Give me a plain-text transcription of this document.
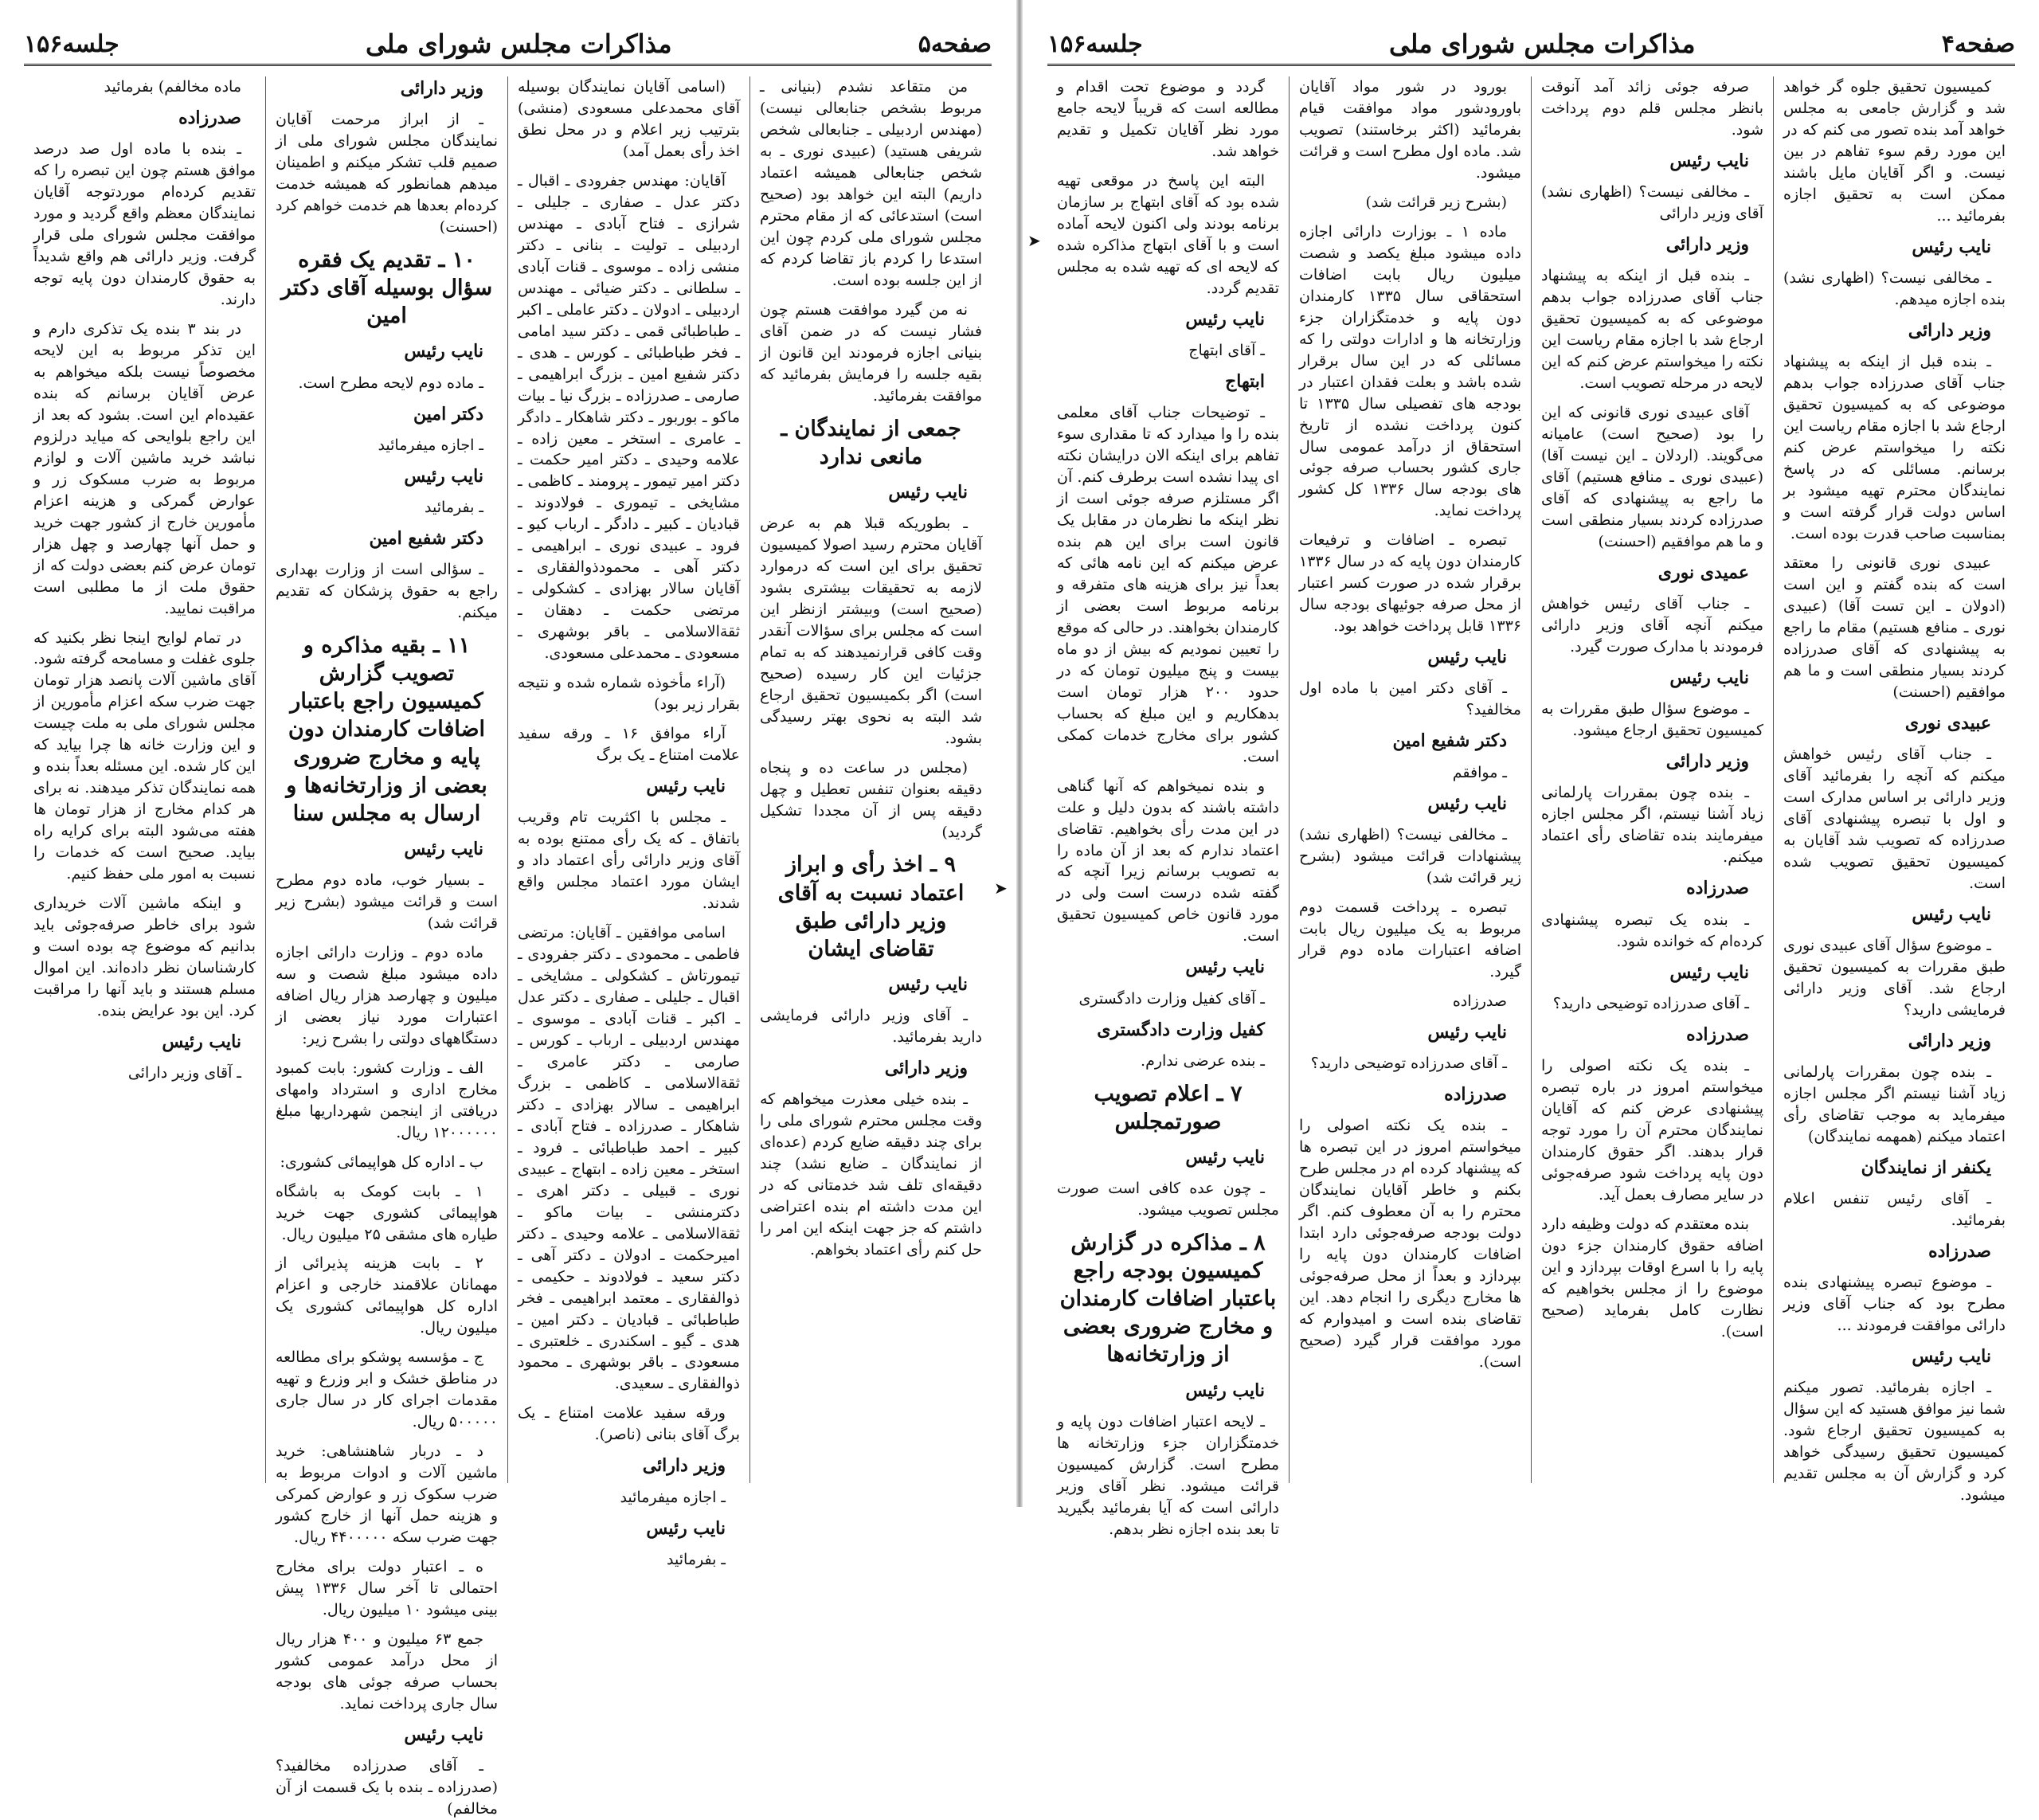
صفحه۵
مذاکرات مجلس شورای ملی
جلسه۱۵۶

من متقاعد نشدم (بنیانی ـ مربوط بشخص جنابعالی نیست) (مهندس اردبیلی ـ جنابعالی شخص شریفی هستید) (عبیدی نوری ـ به شخص جنابعالی همیشه اعتماد داریم) البته این خواهد بود (صحیح است) استدعائی که از مقام محترم مجلس شورای ملی کردم چون این استدعا را کردم باز تقاضا کردم که از این جلسه بوده است.

نه من گیرد موافقت هستم چون فشار نیست که در ضمن آقای بنیانی اجازه فرمودند این قانون از بقیه جلسه را فرمایش بفرمائید که موافقت بفرمائید.

جمعی از نمایندگان ـ مانعی ندارد
نایب رئیس

ـ بطوریکه قبلا هم به عرض آقایان محترم رسید اصولا کمیسیون تحقیق برای این است که درموارد لازمه به تحقیقات بیشتری بشود (صحیح است) وبیشتر ازنظر این است که مجلس برای سؤالات آنقدر وقت کافی قرارنمیدهند که به تمام جزئیات این کار رسیده (صحیح است) اگر بکمیسیون تحقیق ارجاع شد البته به نحوی بهتر رسیدگی بشود.

(مجلس در ساعت ده و پنجاه دقیقه بعنوان تنفس تعطیل و چهل دقیقه پس از آن مجددا تشکیل گردید)

۹ ـ اخذ رأی و ابراز اعتماد نسبت به آقای وزیر دارائی طبق تقاضای ایشان
نایب رئیس

ـ آقای وزیر دارائی فرمایشی دارید بفرمائید.

وزیر دارائی

ـ بنده خیلی معذرت میخواهم که وقت مجلس محترم شورای ملی را برای چند دقیقه ضایع کردم (عده‌ای از نمایندگان ـ ضایع نشد) چند دقیقه‌ای تلف شد خدمتانی که در این مدت داشته ام بنده اعتراضی داشتم که جز جهت اینکه این امر را حل کنم رأی اعتماد بخواهم.

(اسامی آقایان نمایندگان بوسیله آقای محمدعلی مسعودی (منشی) بترتیب زیر اعلام و در محل نطق اخذ رأی بعمل آمد)

آقایان: مهندس جفرودی ـ اقبال ـ دکتر عدل ـ صفاری ـ جلیلی ـ شرازی ـ فتاح آبادی ـ مهندس اردبیلی ـ تولیت ـ بنانی ـ دکتر منشی زاده ـ موسوی ـ قنات آبادی ـ سلطانی ـ دکتر ضیائی ـ مهندس اردبیلی ـ ادولان ـ دکتر عاملی ـ اکبر ـ طباطبائی قمی ـ دکتر سید امامی ـ فخر طباطبائی ـ کورس ـ هدی ـ دکتر شفیع امین ـ بزرگ ابراهیمی ـ صارمی ـ صدرزاده ـ بزرگ نیا ـ بیات ماکو ـ بوربور ـ دکتر شاهکار ـ دادگر ـ عامری ـ استخر ـ معین زاده ـ علامه وحیدی ـ دکتر امیر حکمت ـ دکتر امیر تیمور ـ پرومند ـ کاظمی ـ مشایخی ـ تیموری ـ فولادوند ـ قبادیان ـ کبیر ـ دادگر ـ ارباب کیو ـ فرود ـ عبیدی نوری ـ ابراهیمی ـ دکتر آهی ـ محمودذوالفقاری ـ آقایان سالار بهزادی ـ کشکولی ـ مرتضی حکمت ـ دهقان ـ ثقةالاسلامی ـ باقر بوشهری ـ مسعودی ـ محمدعلی مسعودی.

(آراء مأخوذه شماره شده و نتیجه بقرار زیر بود)

آراء موافق ۱۶ ـ ورقه سفید علامت امتناع ـ یک برگ

نایب رئیس

ـ مجلس با اکثریت تام وقریب باتفاق ـ که یک رأی ممتنع بوده به آقای وزیر دارائی رأی اعتماد داد و ایشان مورد اعتماد مجلس واقع شدند.

اسامی موافقین ـ آقایان: مرتضی فاطمی ـ محمودی ـ دکتر جفرودی ـ تیمورتاش ـ کشکولی ـ مشایخی ـ اقبال ـ جلیلی ـ صفاری ـ دکتر عدل ـ اکبر ـ قنات آبادی ـ موسوی ـ مهندس اردبیلی ـ ارباب ـ کورس ـ صارمی ـ دکتر عامری ـ ثقةالاسلامی ـ کاظمی ـ بزرگ ابراهیمی ـ سالار بهزادی ـ دکتر شاهکار ـ صدرزاده ـ فتاح آبادی ـ کبیر ـ احمد طباطبائی ـ فرود ـ استخر ـ معین زاده ـ ابتهاج ـ عبیدی نوری ـ قبیلی ـ دکتر اهری ـ دکترمنشی ـ بیات ماکو ـ ثقةالاسلامی ـ علامه وحیدی ـ دکتر امیرحکمت ـ ادولان ـ دکتر آهی ـ دکتر سعید ـ فولادوند ـ حکیمی ـ ذوالفقاری ـ معتمد ابراهیمی ـ فخر طباطبائی ـ قبادیان ـ دکتر امین ـ هدی ـ گیو ـ اسکندری ـ خلعتبری ـ مسعودی ـ باقر بوشهری ـ محمود ذوالفقاری ـ سعیدی.

ورقه سفید علامت امتناع ـ یک برگ آقای بنانی (ناصر).

وزیر دارائی

ـ اجازه میفرمائید

نایب رئیس

ـ بفرمائید

وزیر دارائی

ـ از ابراز مرحمت آقایان نمایندگان مجلس شورای ملی از صمیم قلب تشکر میکنم و اطمینان میدهم همانطور که همیشه خدمت کرده‌ام بعدها هم خدمت خواهم کرد (احسنت)

۱۰ ـ تقدیم یک فقره سؤال بوسیله آقای دکتر امین
نایب رئیس

ـ ماده دوم لایحه مطرح است.

دکتر امین

ـ اجازه میفرمائید

نایب رئیس

ـ بفرمائید

دکتر شفیع امین

ـ سؤالی است از وزارت بهداری راجع به حقوق پزشکان که تقدیم میکنم.

۱۱ ـ بقیه مذاکره و تصویب گزارش کمیسیون راجع باعتبار اضافات کارمندان دون پایه و مخارج ضروری بعضی از وزارتخانه‌ها و ارسال به مجلس سنا
نایب رئیس

ـ بسیار خوب، ماده دوم مطرح است و قرائت میشود (بشرح زیر قرائت شد)

ماده دوم ـ وزارت دارائی اجازه داده میشود مبلغ شصت و سه میلیون و چهارصد هزار ریال اضافه اعتبارات مورد نیاز بعضی از دستگاههای دولتی را بشرح زیر:

الف ـ وزارت کشور: بابت کمبود مخارج اداری و استرداد وامهای دریافتی از اینجمن شهرداریها مبلغ ۱۲۰۰۰۰۰۰ ریال.

ب ـ اداره کل هواپیمائی کشوری:

۱ ـ بابت کومک به باشگاه هواپیمائی کشوری جهت خرید طیاره های مشقی ۲۵ میلیون ریال.

۲ ـ بابت هزینه پذیرائی از مهمانان علاقمند خارجی و اعزام اداره کل هواپیمائی کشوری یک میلیون ریال.

ج ـ مؤسسه پوشکو برای مطالعه در مناطق خشک و ابر وزرع و تهیه مقدمات اجرای کار در سال جاری ۵۰۰۰۰۰ ریال.

د ـ دربار شاهنشاهی: خرید ماشین آلات و ادوات مربوط به ضرب سکوک زر و عوارض کمرکی و هزینه حمل آنها از خارج کشور جهت ضرب سکه ۴۴۰۰۰۰۰ ریال.

ه ـ اعتبار دولت برای مخارج احتمالی تا آخر سال ۱۳۳۶ پیش بینی میشود ۱۰ میلیون ریال.

جمع ۶۳ میلیون و ۴۰۰ هزار ریال از محل درآمد عمومی کشور بحساب صرفه جوئی های بودجه سال جاری پرداخت نماید.

نایب رئیس

ـ آقای صدرزاده مخالفید؟ (صدرزاده ـ بنده با یک قسمت از آن مخالفم)

ماده مخالفم) بفرمائید

صدرزاده

ـ بنده با ماده اول صد درصد موافق هستم چون این تبصره را که تقدیم کرده‌ام موردتوجه آقایان نمایندگان معظم واقع گردید و مورد موافقت مجلس شورای ملی قرار گرفت. وزیر دارائی هم واقع شدیداً به حقوق کارمندان دون پایه توجه دارند.

در بند ۳ بنده یک تذکری دارم و این تذکر مربوط به این لایحه مخصوصاً نیست بلکه میخواهم به عرض آقایان برسانم که بنده عقیده‌ام این است. بشود که بعد از این راجع بلوایحی که میاید درلزوم نباشد خرید ماشین آلات و لوازم مربوط به ضرب مسکوک زر و عوارض گمرکی و هزینه اعزام مأمورین خارج از کشور جهت خرید و حمل آنها چهارصد و چهل هزار تومان عرض کنم بعضی دولت که از حقوق ملت از ما مطلبی است مراقبت نمایید.

در تمام لوایح اینجا نظر بکنید که جلوی غفلت و مسامحه گرفته شود. آقای ماشین آلات پانصد هزار تومان جهت ضرب سکه اعزام مأمورین از مجلس شورای ملی به ملت چیست و این وزارت خانه ها چرا بیاید که این کار شده. این مسئله بعداً بنده و همه نمایندگان تذکر میدهند. نه برای هر کدام مخارج از هزار تومان ها هفته می‌شود البته برای کرایه راه بیاید. صحیح است که خدمات را نسبت به امور ملی حفظ کنیم.

و اینکه ماشین آلات خریداری شود برای خاطر صرفه‌جوئی باید بدانیم که موضوع چه بوده است و کارشناسان نظر داده‌اند. این اموال مسلم هستند و باید آنها را مراقبت کرد. این بود عرایض بنده.

نایب رئیس

ـ آقای وزیر دارائی

صفحه۴
مذاکرات مجلس شورای ملی
جلسه۱۵۶

کمیسیون تحقیق جلوه گر خواهد شد و گزارش جامعی به مجلس خواهد آمد بنده تصور می کنم که در این مورد رقم سوء تفاهم در بین نیست. و اگر آقایان مایل باشند ممکن است به تحقیق اجازه بفرمائید ...

نایب رئیس

ـ مخالفی نیست؟ (اظهاری نشد) بنده اجازه میدهم.

وزیر دارائی

ـ بنده قبل از اینکه به پیشنهاد جناب آقای صدرزاده جواب بدهم موضوعی که به کمیسیون تحقیق ارجاع شد با اجازه مقام ریاست این نکته را میخواستم عرض کنم برسانم. مسائلی که در پاسخ نمایندگان محترم تهیه میشود بر اساس دولت قرار گرفته است و بمناسبت صاحب قدرت بوده است.

عبیدی نوری قانونی را معتقد است که بنده گفتم و این است (ادولان ـ این تست آقا) (عبیدی نوری ـ منافع هستیم) مقام ما راجع به پیشنهادی که آقای صدرزاده کردند بسیار منطقی است و ما هم موافقیم (احسنت)

عبیدی نوری

ـ جناب آقای رئیس خواهش میکنم که آنچه را بفرمائید آقای وزیر دارائی بر اساس مدارک است و اول با تبصره پیشنهادی آقای صدرزاده که تصویب شد آقایان به کمیسیون تحقیق تصویب شده است.

نایب رئیس

ـ موضوع سؤال آقای عبیدی نوری طبق مقررات به کمیسیون تحقیق ارجاع شد. آقای وزیر دارائی فرمایشی دارید؟

وزیر دارائی

ـ بنده چون بمقررات پارلمانی زیاد آشنا نیستم اگر مجلس اجازه میفرماید به موجب تقاضای رأی اعتماد میکنم (همهمه نمایندگان)

یکنفر از نمایندگان

ـ آقای رئیس تنفس اعلام بفرمائید.

صدرزاده

ـ موضوع تبصره پیشنهادی بنده مطرح بود که جناب آقای وزیر دارائی موافقت فرمودند ...

نایب رئیس

ـ اجازه بفرمائید. تصور میکنم شما نیز موافق هستید که این سؤال به کمیسیون تحقیق ارجاع شود. کمیسیون تحقیق رسیدگی خواهد کرد و گزارش آن به مجلس تقدیم میشود.

صرفه جوئی زائد آمد آنوقت بانظر مجلس قلم دوم پرداخت شود.

نایب رئیس

ـ مخالفی نیست؟ (اظهاری نشد) آقای وزیر دارائی

وزیر دارائی

ـ بنده قبل از اینکه به پیشنهاد جناب آقای صدرزاده جواب بدهم موضوعی که به کمیسیون تحقیق ارجاع شد با اجازه مقام ریاست این نکته را میخواستم عرض کنم که این لایحه در مرحله تصویب است.

آقای عبیدی نوری قانونی که این را بود (صحیح است) عامیانه می‌گویند. (اردلان ـ این نیست آقا) (عبیدی نوری ـ منافع هستیم) آقای ما راجع به پیشنهادی که آقای صدرزاده کردند بسیار منطقی است و ما هم موافقیم (احسنت)

عمیدی نوری

ـ جناب آقای رئیس خواهش میکنم آنچه آقای وزیر دارائی فرمودند با مدارک صورت گیرد.

نایب رئیس

ـ موضوع سؤال طبق مقررات به کمیسیون تحقیق ارجاع میشود.

وزیر دارائی

ـ بنده چون بمقررات پارلمانی زیاد آشنا نیستم، اگر مجلس اجازه میفرمایند بنده تقاضای رأی اعتماد میکنم.

صدرزاده

ـ بنده یک تبصره پیشنهادی کرده‌ام که خوانده شود.

نایب رئیس

ـ آقای صدرزاده توضیحی دارید؟

صدرزاده

ـ بنده یک نکته اصولی را میخواستم امروز در باره تبصره پیشنهادی عرض کنم که آقایان نمایندگان محترم آن را مورد توجه قرار بدهند. اگر حقوق کارمندان دون پایه پرداخت شود صرفه‌جوئی در سایر مصارف بعمل آید.

بنده معتقدم که دولت وظیفه دارد اضافه حقوق کارمندان جزء دون پایه را با اسرع اوقات بپردازد و این موضوع را از مجلس بخواهیم که نظارت کامل بفرماید (صحیح است).

بورود در شور مواد آقایان باورودشور مواد موافقت قیام بفرمائید (اکثر برخاستند) تصویب شد. ماده اول مطرح است و قرائت میشود.

(بشرح زیر قرائت شد)

ماده ۱ ـ بوزارت دارائی اجازه داده میشود مبلغ یکصد و شصت میلیون ریال بابت اضافات استحقاقی سال ۱۳۳۵ کارمندان دون پایه و خدمتگزاران جزء وزارتخانه ها و ادارات دولتی را که مسائلی که در این سال برقرار شده باشد و بعلت فقدان اعتبار در بودجه های تفصیلی سال ۱۳۳۵ تا کنون پرداخت نشده از تاریخ استحقاق از درآمد عمومی سال جاری کشور بحساب صرفه جوئی های بودجه سال ۱۳۳۶ کل کشور پرداخت نماید.

تبصره ـ اضافات و ترفیعات کارمندان دون پایه که در سال ۱۳۳۶ برقرار شده در صورت کسر اعتبار از محل صرفه جوئیهای بودجه سال ۱۳۳۶ قابل پرداخت خواهد بود.

نایب رئیس

ـ آقای دکتر امین با ماده اول مخالفید؟

دکتر شفیع امین

ـ موافقم

نایب رئیس

ـ مخالفی نیست؟ (اظهاری نشد) پیشنهادات قرائت میشود (بشرح زیر قرائت شد)

تبصره ـ پرداخت قسمت دوم مربوط به یک میلیون ریال بابت اضافه اعتبارات ماده دوم قرار گیرد.

صدرزاده

نایب رئیس

ـ آقای صدرزاده توضیحی دارید؟

صدرزاده

ـ بنده یک نکته اصولی را میخواستم امروز در این تبصره ها که پیشنهاد کرده ام در مجلس طرح بکنم و خاطر آقایان نمایندگان محترم را به آن معطوف کنم. اگر دولت بودجه صرفه‌جوئی دارد ابتدا اضافات کارمندان دون پایه را بپردازد و بعداً از محل صرفه‌جوئی ها مخارج دیگری را انجام دهد. این تقاضای بنده است و امیدوارم که مورد موافقت قرار گیرد (صحیح است).

گردد و موضوع تحت اقدام و مطالعه است که قریباً لایحه جامع مورد نظر آقایان تکمیل و تقدیم خواهد شد.

البته این پاسخ در موقعی تهیه شده بود که آقای ابتهاج بر سازمان برنامه بودند ولی اکنون لایحه آماده است و با آقای ابتهاج مذاکره شده که لایحه ای که تهیه شده به مجلس تقدیم گردد.

نایب رئیس

ـ آقای ابتهاج

ابتهاج

ـ توضیحات جناب آقای معلمی بنده را وا میدارد که تا مقداری سوء تفاهم برای اینکه الان درایشان نکته ای پیدا نشده است برطرف کنم. آن اگر مستلزم صرفه جوئی است از نظر اینکه ما نظرمان در مقابل یک قانون است برای این هم بنده عرض میکنم که این نامه هائی که بعداً نیز برای هزینه های متفرقه و برنامه مربوط است بعضی از کارمندان بخواهند. در حالی که موقع را تعیین نمودیم که بیش از دو ماه بیست و پنج میلیون تومان که در حدود ۲۰۰ هزار تومان است بدهکاریم و این مبلغ که بحساب کشور برای مخارج خدمات کمکی است.

و بنده نمیخواهم که آنها گناهی داشته باشند که بدون دلیل و علت در این مدت رأی بخواهیم. تقاضای اعتماد ندارم که بعد از آن ماده را به تصویب برسانم زیرا آنچه که گفته شده درست است ولی در مورد قانون خاص کمیسیون تحقیق است.

نایب رئیس

ـ آقای کفیل وزارت دادگستری

کفیل وزارت دادگستری

ـ بنده عرضی ندارم.

۷ ـ اعلام تصویب صورتمجلس
نایب رئیس

ـ چون عده کافی است صورت مجلس تصویب میشود.

۸ ـ مذاکره در گزارش کمیسیون بودجه راجع باعتبار اضافات کارمندان و مخارج ضروری بعضی از وزارتخانه‌ها
نایب رئیس

ـ لایحه اعتبار اضافات دون پایه و خدمتگزاران جزء وزارتخانه ها مطرح است. گزارش کمیسیون قرائت میشود. نظر آقای وزیر دارائی است که آیا بفرمائید بگیرید تا بعد بنده اجازه نظر بدهم.

➤
➤
